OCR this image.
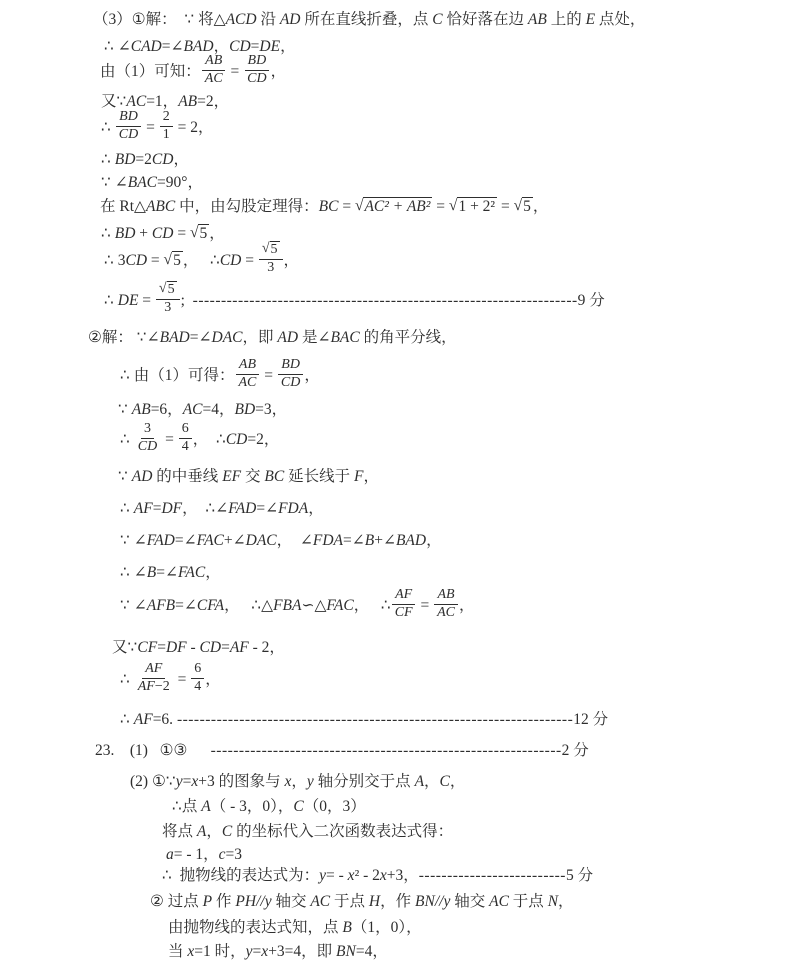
（3）①解：  ∵ 将△ACD 沿 AD 所在直线折叠，点 C 恰好落在边 AB 上的 E 点处，
∴ ∠CAD=∠BAD，CD=DE，
由（1）可知： $\frac{AB}{AC} = \frac{BD}{CD}$ ，
又∵AC=1，AB=2，
∴ $\frac{BD}{CD} = \frac{2}{1} = 2$，
∴ BD=2CD，
∵ ∠BAC=90°，
在 Rt△ABC 中，由勾股定理得：BC = √AC² + AB² = √1 + 2² = √5 ，
∴ BD + CD = √5 ，
∴ 3CD = √5 ，   ∴CD = $\frac{√5}{3}$ ，
∴ DE = $\frac{√5}{3}$ ;  --------------------------------------------------------------------9 分
②解： ∵∠BAD=∠DAC，即 AD 是∠BAC 的角平分线，
∴ 由（1）可得： $\frac{AB}{AC} = \frac{BD}{CD}$ ，
∵ AB=6，AC=4，BD=3，
∴ $\frac{3}{CD} = \frac{6}{4}$ ，  ∴CD=2，
∵ AD 的中垂线 EF 交 BC 延长线于 F，
∴ AF=DF，  ∴∠FAD=∠FDA，
∵ ∠FAD=∠FAC+∠DAC，  ∠FDA=∠B+∠BAD，
∴ ∠B=∠FAC，
∵ ∠AFB=∠CFA，   ∴△FBA∽△FAC，   ∴ $\frac{AF}{CF} = \frac{AB}{AC}$ ，
又∵CF=DF - CD=AF - 2，
∴ $\frac{AF}{AF-2} = \frac{6}{4}$ ，
∴ AF=6. ----------------------------------------------------------------------12 分
23.    (1)   ①③      --------------------------------------------------------------2 分
(2) ①∵y=x+3 的图象与 x，y 轴分别交于点 A，C，
∴点 A（ - 3，0），C（0，3）
将点 A，C 的坐标代入二次函数表达式得：
a= - 1，c=3
∴  抛物线的表达式为：y= - x² - 2x+3，--------------------------5 分
② 过点 P 作 PH//y 轴交 AC 于点 H，作 BN//y 轴交 AC 于点 N，
由抛物线的表达式知，点 B（1，0），
当 x=1 时，y=x+3=4，即 BN=4，
